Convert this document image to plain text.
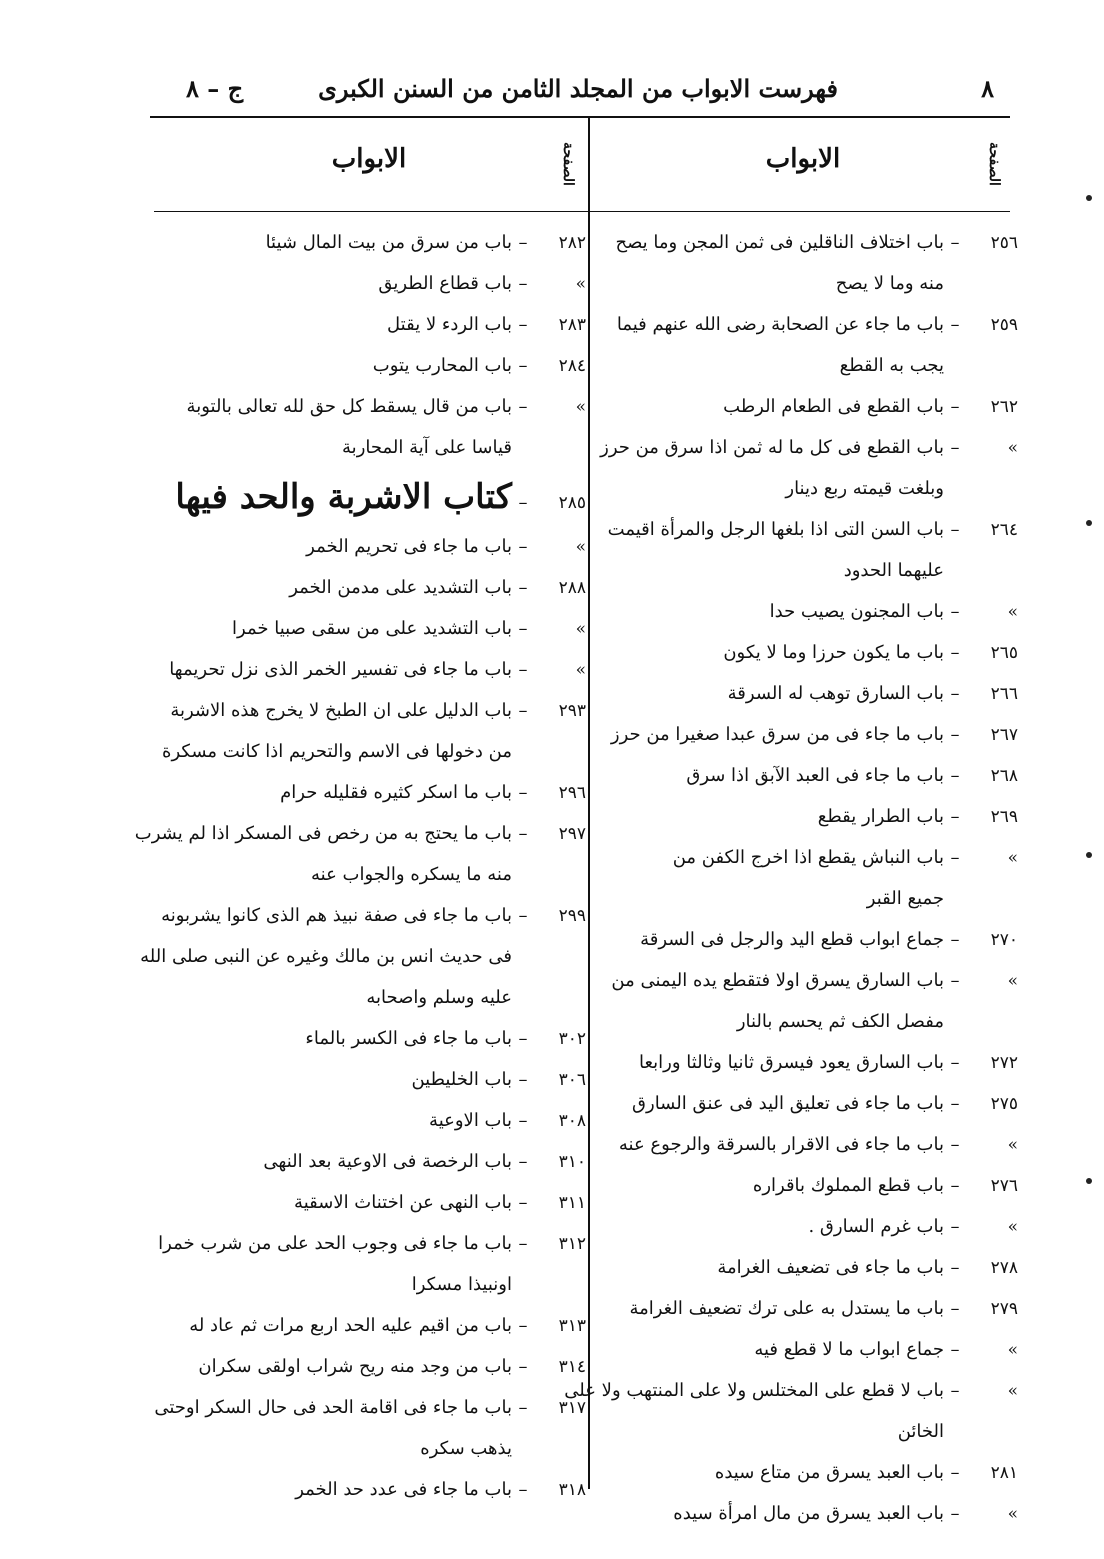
٨
فهرست الابواب من المجلد الثامن من السنن الكبرى
ج – ٨
الصفحة
الابواب
الصفحة
الابواب
٢٥٦–باب اختلاف الناقلين فى ثمن المجن وما يصح
منه وما لا يصح
٢٥٩–باب ما جاء عن الصحابة رضى الله عنهم فيما
يجب به القطع
٢٦٢–باب القطع فى الطعام الرطب
»–باب القطع فى كل ما له ثمن اذا سرق من حرز
وبلغت قيمته ربع دينار
٢٦٤–باب السن التى اذا بلغها الرجل والمرأة اقيمت
عليهما الحدود
»–باب المجنون يصيب حدا
٢٦٥–باب ما يكون حرزا وما لا يكون
٢٦٦–باب السارق توهب له السرقة
٢٦٧–باب ما جاء فى من سرق عبدا صغيرا من حرز
٢٦٨–باب ما جاء فى العبد الآبق اذا سرق
٢٦٩–باب الطرار يقطع
»–باب النباش يقطع اذا اخرج الكفن من
جميع القبر
٢٧٠–جماع ابواب قطع اليد والرجل فى السرقة
»–باب السارق يسرق اولا فتقطع يده اليمنى من
مفصل الكف ثم يحسم بالنار
٢٧٢–باب السارق يعود فيسرق ثانيا وثالثا ورابعا
٢٧٥–باب ما جاء فى تعليق اليد فى عنق السارق
»–باب ما جاء فى الاقرار بالسرقة والرجوع عنه
٢٧٦–باب قطع المملوك باقراره
»–باب غرم السارق .
٢٧٨–باب ما جاء فى تضعيف الغرامة
٢٧٩–باب ما يستدل به على ترك تضعيف الغرامة
»–جماع ابواب ما لا قطع فيه
»–باب لا قطع على المختلس ولا على المنتهب ولا على
الخائن
٢٨١–باب العبد يسرق من متاع سيده
»–باب العبد يسرق من مال امرأة سيده
٢٨٢–باب من سرق من بيت المال شيئا
»–باب قطاع الطريق
٢٨٣–باب الردء لا يقتل
٢٨٤–باب المحارب يتوب
»–باب من قال يسقط كل حق لله تعالى بالتوبة
قياسا على آية المحاربة
٢٨٥–كتاب الاشربة والحد فيها
»–باب ما جاء فى تحريم الخمر
٢٨٨–باب التشديد على مدمن الخمر
»–باب التشديد على من سقى صبيا خمرا
»–باب ما جاء فى تفسير الخمر الذى نزل تحريمها
٢٩٣–باب الدليل على ان الطبخ لا يخرج هذه الاشربة
من دخولها فى الاسم والتحريم اذا كانت مسكرة
٢٩٦–باب ما اسكر كثيره فقليله حرام
٢٩٧–باب ما يحتج به من رخص فى المسكر اذا لم يشرب
منه ما يسكره والجواب عنه
٢٩٩–باب ما جاء فى صفة نبيذ هم الذى كانوا يشربونه
فى حديث انس بن مالك وغيره عن النبى صلى الله
عليه وسلم واصحابه
٣٠٢–باب ما جاء فى الكسر بالماء
٣٠٦–باب الخليطين
٣٠٨–باب الاوعية
٣١٠–باب الرخصة فى الاوعية بعد النهى
٣١١–باب النهى عن اختناث الاسقية
٣١٢–باب ما جاء فى وجوب الحد على من شرب خمرا
اونبيذا مسكرا
٣١٣–باب من اقيم عليه الحد اربع مرات ثم عاد له
٣١٤–باب من وجد منه ريح شراب اولقى سكران
٣١٧–باب ما جاء فى اقامة الحد فى حال السكر اوحتى
يذهب سكره
٣١٨–باب ما جاء فى عدد حد الخمر
